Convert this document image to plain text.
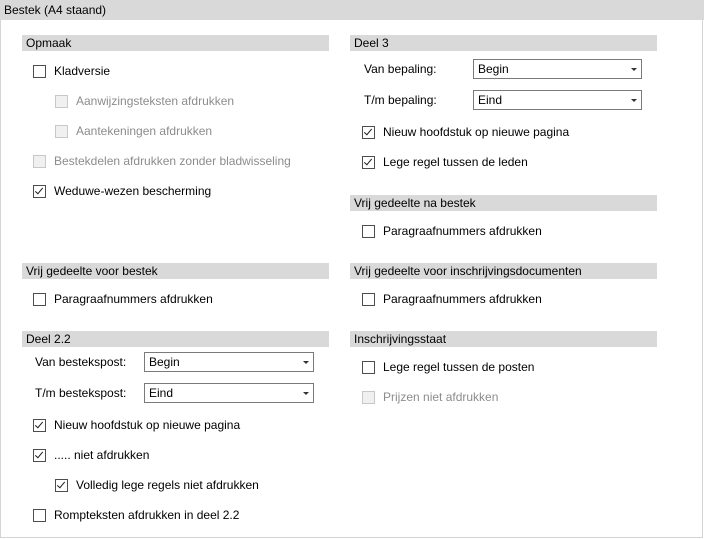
Bestek (A4 staand)
Opmaak
Kladversie
Aanwijzingsteksten afdrukken
Aantekeningen afdrukken
Bestekdelen afdrukken zonder bladwisseling
Weduwe-wezen bescherming
Vrij gedeelte voor bestek
Paragraafnummers afdrukken
Deel 2.2
Van bestekspost:	Begin
T/m bestekspost:	Eind
Nieuw hoofdstuk op nieuwe pagina
..... niet afdrukken
Volledig lege regels niet afdrukken
Rompteksten afdrukken in deel 2.2
Deel 3
Van bepaling:	Begin
T/m bepaling:	Eind
Nieuw hoofdstuk op nieuwe pagina
Lege regel tussen de leden
Vrij gedeelte na bestek
Paragraafnummers afdrukken
Vrij gedeelte voor inschrijvingsdocumenten
Paragraafnummers afdrukken
Inschrijvingsstaat
Lege regel tussen de posten
Prijzen niet afdrukken
